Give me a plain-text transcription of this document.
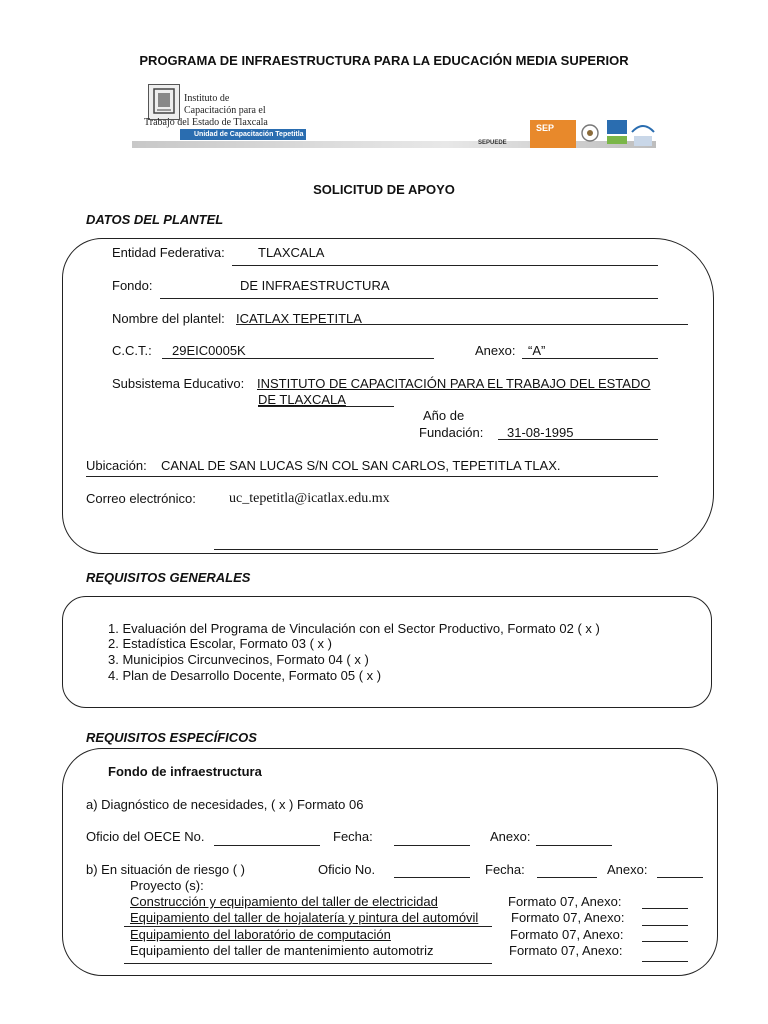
PROGRAMA DE INFRAESTRUCTURA PARA LA EDUCACIÓN MEDIA SUPERIOR
Instituto de
Capacitación para el
Trabajo del Estado de Tlaxcala
Unidad de Capacitación Tepetitla
SEPUEDE
SEP
SOLICITUD DE APOYO
DATOS DEL PLANTEL
Entidad Federativa:	TLAXCALA
Fondo:	DE INFRAESTRUCTURA
Nombre del plantel: ICATLAX TEPETITLA
C.C.T.: 29EIC0005K	Anexo: “A”
Subsistema Educativo: INSTITUTO DE CAPACITACIÓN PARA EL TRABAJO DEL ESTADO
DE TLAXCALA
Año de
Fundación: 31-08-1995
Ubicación: CANAL DE SAN LUCAS S/N COL SAN CARLOS, TEPETITLA TLAX.
Correo electrónico: uc_tepetitla@icatlax.edu.mx
REQUISITOS GENERALES
1. Evaluación del Programa de Vinculación con el Sector Productivo, Formato 02 ( x )
2. Estadística Escolar, Formato 03 ( x )
3. Municipios Circunvecinos, Formato 04 ( x )
4. Plan de Desarrollo Docente, Formato 05 ( x )
REQUISITOS ESPECÍFICOS
Fondo de infraestructura
a) Diagnóstico de necesidades, ( x ) Formato 06
Oficio del OECE No.	Fecha:	Anexo:
b) En situación de riesgo ( )	Oficio No.	Fecha:	Anexo:
Proyecto (s):
Construcción y equipamiento del taller de electricidad	Formato 07, Anexo:
Equipamiento del taller de hojalatería y pintura del automóvil	Formato 07, Anexo:
Equipamiento del laboratório de computación	Formato 07, Anexo:
Equipamiento del taller de mantenimiento automotriz	Formato 07, Anexo:
